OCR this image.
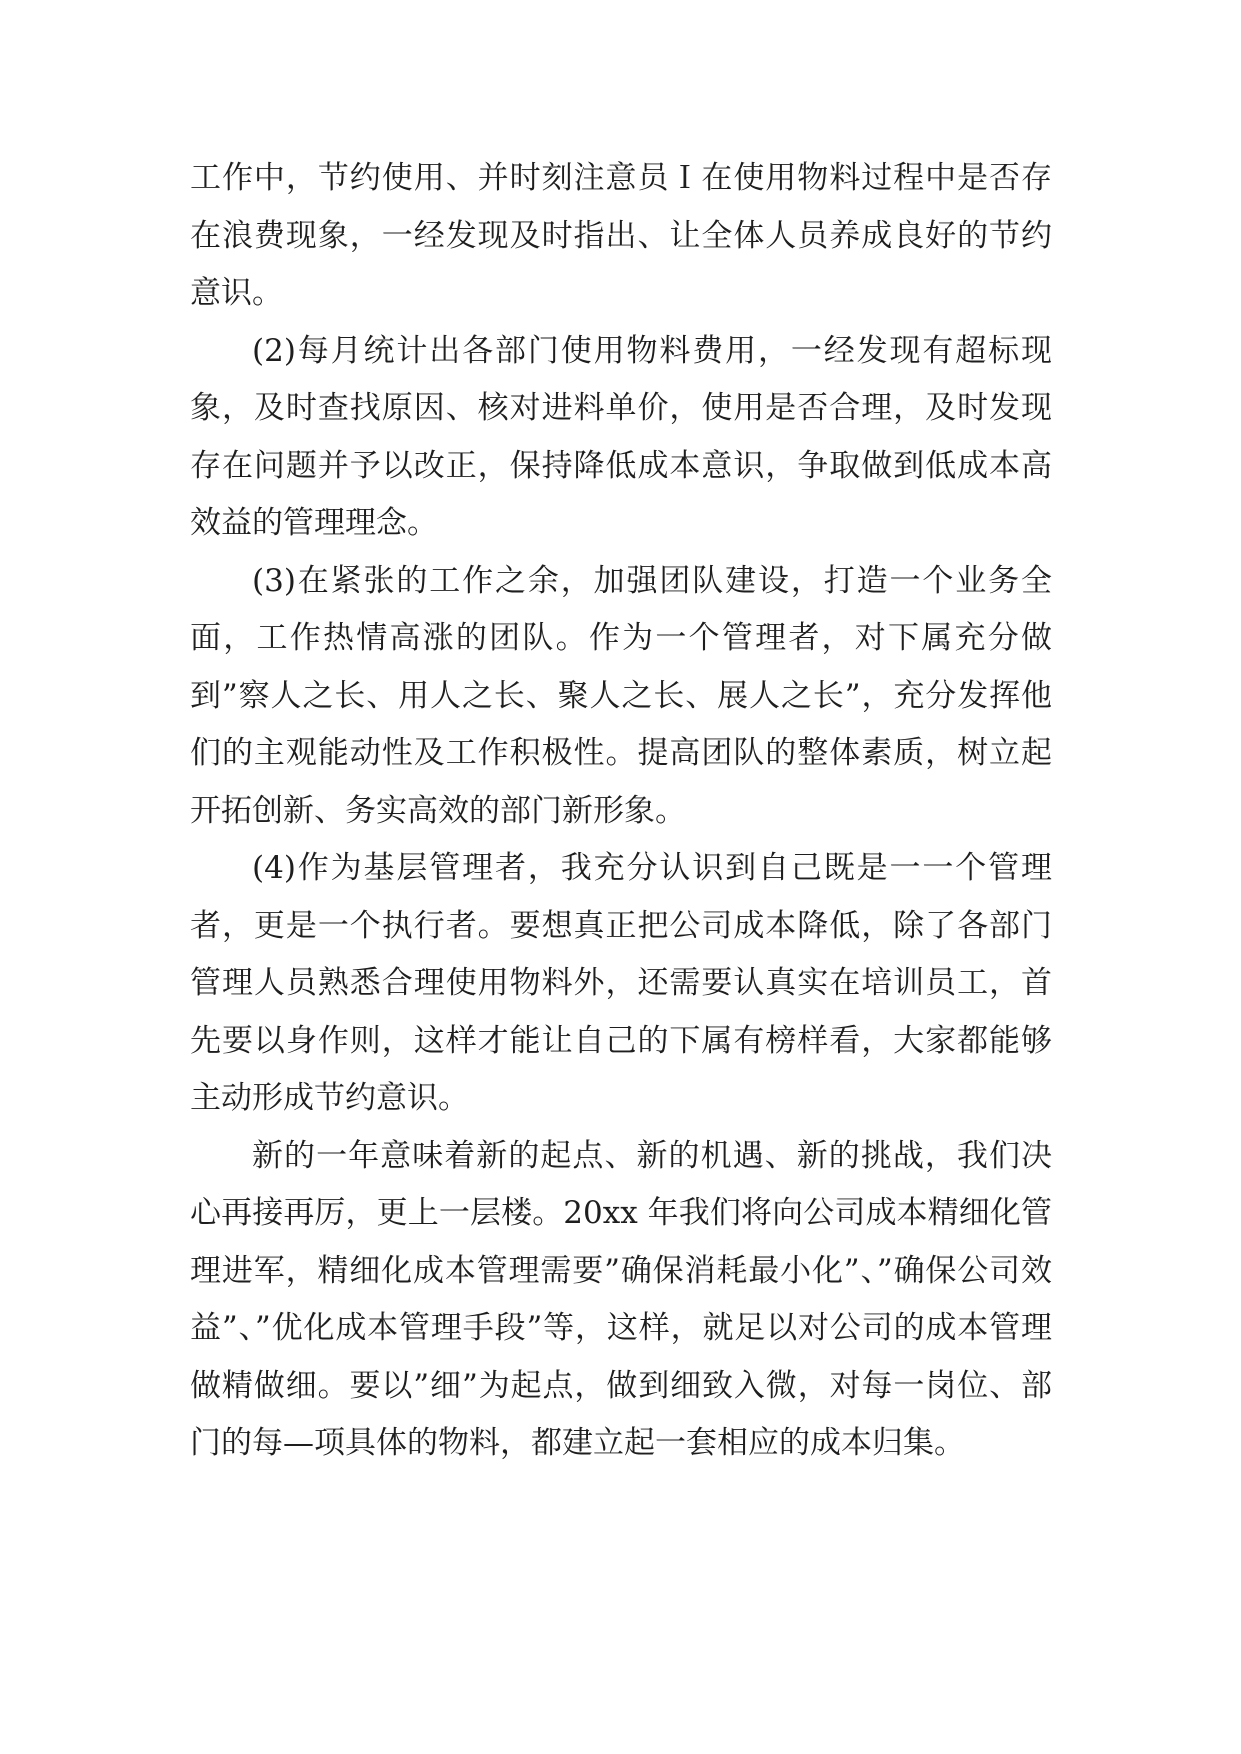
工作中，节约使用、并时刻注意员Ｉ在使用物料过程中是否存在浪费现象，一经发现及时指出、让全体人员养成良好的节约意识。

(2)每月统计出各部门使用物料费用，一经发现有超标现象，及时查找原因、核对进料单价，使用是否合理，及时发现存在问题并予以改正，保持降低成本意识，争取做到低成本高效益的管理理念。

(3)在紧张的工作之余，加强团队建设，打造一个业务全面，工作热情高涨的团队。作为一个管理者，对下属充分做到”察人之长、用人之长、聚人之长、展人之长”，充分发挥他们的主观能动性及工作积极性。提高团队的整体素质，树立起开拓创新、务实高效的部门新形象。

(4)作为基层管理者，我充分认识到自己既是一一个管理者，更是一个执行者。要想真正把公司成本降低，除了各部门管理人员熟悉合理使用物料外，还需要认真实在培训员工，首先要以身作则，这样才能让自己的下属有榜样看，大家都能够主动形成节约意识。

新的一年意味着新的起点、新的机遇、新的挑战，我们决心再接再厉，更上一层楼。20xx 年我们将向公司成本精细化管理进军，精细化成本管理需要”确保消耗最小化”、”确保公司效益”、”优化成本管理手段”等，这样，就足以对公司的成本管理做精做细。要以”细”为起点，做到细致入微，对每一岗位、部门的每—项具体的物料，都建立起一套相应的成本归集。
